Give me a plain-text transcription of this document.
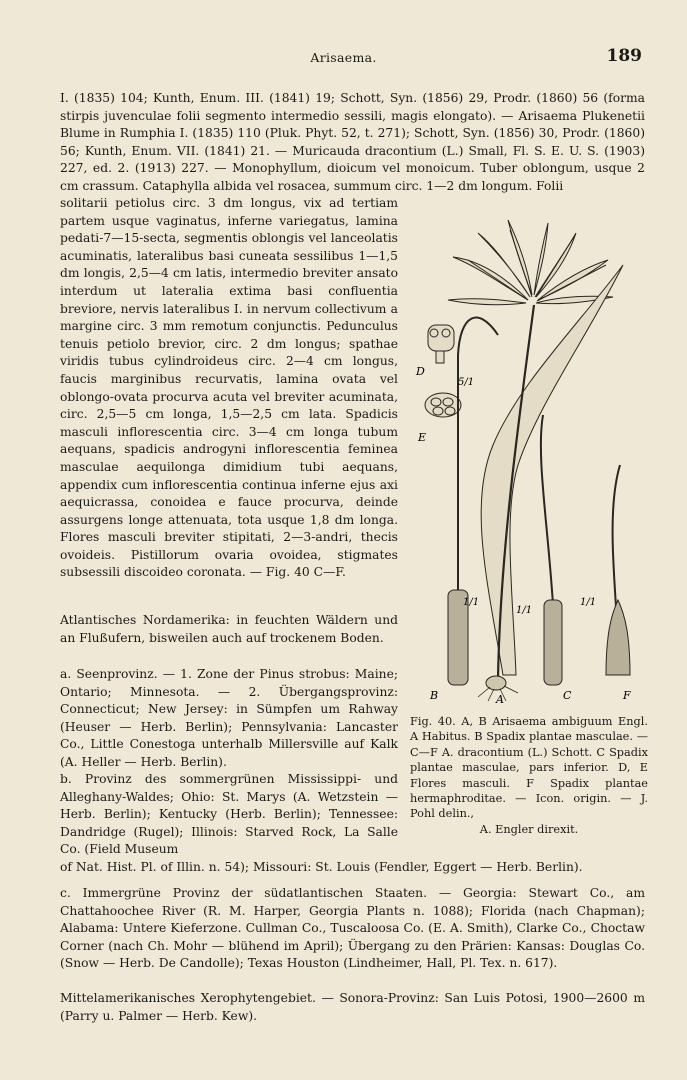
Arisaema.	189

I. (1835) 104; Kunth, Enum. III. (1841) 19; Schott, Syn. (1856) 29, Prodr. (1860) 56 (forma stirpis juvenculae folii segmento intermedio sessili, magis elongato). — Arisaema Plukenetii Blume in Rumphia I. (1835) 110 (Pluk. Phyt. 52, t. 271); Schott, Syn. (1856) 30, Prodr. (1860) 56; Kunth, Enum. VII. (1841) 21. — Muricauda dracontium (L.) Small, Fl. S. E. U. S. (1903) 227, ed. 2. (1913) 227. — Monophyllum, dioicum vel monoicum. Tuber oblongum, usque 2 cm crassum. Cataphylla albida vel rosacea, summum circ. 1—2 dm longum. Folii

solitarii petiolus circ. 3 dm longus, vix ad tertiam partem usque vaginatus, inferne variegatus, lamina pedati-7—15-secta, segmentis oblongis vel lanceolatis acuminatis, lateralibus basi cuneata sessilibus 1—1,5 dm longis, 2,5—4 cm latis, intermedio breviter ansato interdum ut lateralia extima basi confluentia breviore, nervis lateralibus I. in nervum collectivum a margine circ. 3 mm remotum conjunctis. Pedunculus tenuis petiolo brevior, circ. 2 dm longus; spathae viridis tubus cylindroideus circ. 2—4 cm longus, faucis marginibus recurvatis, lamina ovata vel oblongo-ovata procurva acuta vel breviter acuminata, circ. 2,5—5 cm longa, 1,5—2,5 cm lata. Spadicis masculi inflorescentia circ. 3—4 cm longa tubum aequans, spadicis androgyni inflorescentia feminea masculae aequilonga dimidium tubi aequans, appendix cum inflorescentia continua inferne ejus axi aequicrassa, conoidea e fauce procurva, deinde assurgens longe attenuata, tota usque 1,8 dm longa. Flores masculi breviter stipitati, 2—3-andri, thecis ovoideis. Pistillorum ovaria ovoidea, stigmates subsessili discoideo coronata. — Fig. 40 C—F.

Atlantisches Nordamerika: in feuchten Wäldern und an Flußufern, bisweilen auch auf trockenem Boden.

a. Seenprovinz. — 1. Zone der Pinus strobus: Maine; Ontario; Minnesota. — 2. Übergangsprovinz: Connecticut; New Jersey: in Sümpfen um Rahway (Heuser — Herb. Berlin); Pennsylvania: Lancaster Co., Little Conestoga unterhalb Millersville auf Kalk (A. Heller — Herb. Berlin).

b. Provinz des sommergrünen Mississippi- und Alleghany-Waldes; Ohio: St. Marys (A. Wetzstein — Herb. Berlin); Kentucky (Herb. Berlin); Tennessee: Dandridge (Rugel); Illinois: Starved Rock, La Salle Co. (Field Museum

of Nat. Hist. Pl. of Illin. n. 54); Missouri: St. Louis (Fendler, Eggert — Herb. Berlin).

c. Immergrüne Provinz der südatlantischen Staaten. — Georgia: Stewart Co., am Chattahoochee River (R. M. Harper, Georgia Plants n. 1088); Florida (nach Chapman); Alabama: Untere Kieferzone. Cullman Co., Tuscaloosa Co. (E. A. Smith), Clarke Co., Choctaw Corner (nach Ch. Mohr — blühend im April); Übergang zu den Prärien: Kansas: Douglas Co. (Snow — Herb. De Candolle); Texas Houston (Lindheimer, Hall, Pl. Tex. n. 617).

Mittelamerikanisches Xerophytengebiet. — Sonora-Provinz: San Luis Potosi, 1900—2600 m (Parry u. Palmer — Herb. Kew).

D
5/1
E
1/1
1/1
1/1
B	A	C	F
Fig. 40. A, B Arisaema ambiguum Engl. A Habitus. B Spadix plantae masculae. — C—F A. dracontium (L.) Schott. C Spadix plantae masculae, pars inferior. D, E Flores masculi. F Spadix plantae hermaphroditae. — Icon. origin. — J. Pohl delin.,
A. Engler direxit.
